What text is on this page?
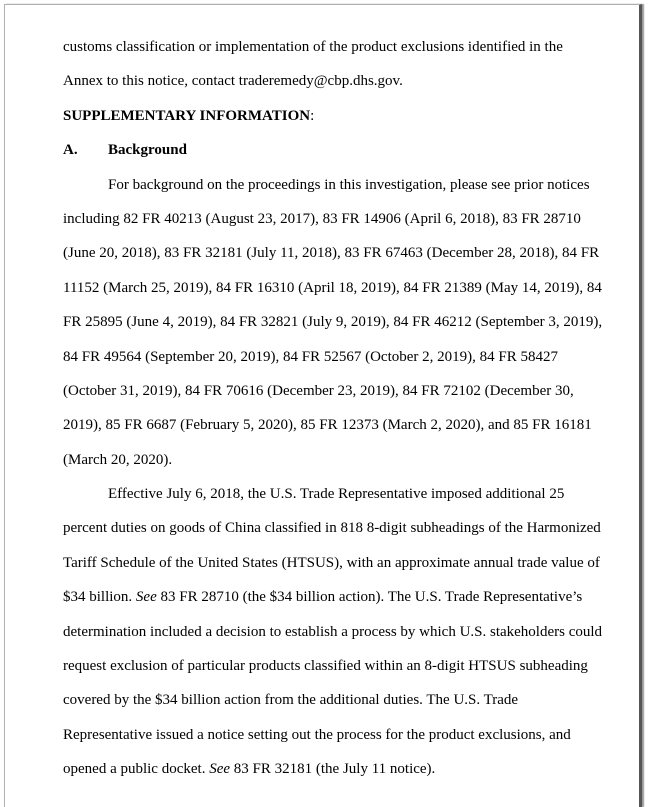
customs classification or implementation of the product exclusions identified in the
Annex to this notice, contact traderemedy@cbp.dhs.gov.
SUPPLEMENTARY INFORMATION:
A. Background
For background on the proceedings in this investigation, please see prior notices
including 82 FR 40213 (August 23, 2017), 83 FR 14906 (April 6, 2018), 83 FR 28710
(June 20, 2018), 83 FR 32181 (July 11, 2018), 83 FR 67463 (December 28, 2018), 84 FR
11152 (March 25, 2019), 84 FR 16310 (April 18, 2019), 84 FR 21389 (May 14, 2019), 84
FR 25895 (June 4, 2019), 84 FR 32821 (July 9, 2019), 84 FR 46212 (September 3, 2019),
84 FR 49564 (September 20, 2019), 84 FR 52567 (October 2, 2019), 84 FR 58427
(October 31, 2019), 84 FR 70616 (December 23, 2019), 84 FR 72102 (December 30,
2019), 85 FR 6687 (February 5, 2020), 85 FR 12373 (March 2, 2020), and 85 FR 16181
(March 20, 2020).
Effective July 6, 2018, the U.S. Trade Representative imposed additional 25
percent duties on goods of China classified in 818 8-digit subheadings of the Harmonized
Tariff Schedule of the United States (HTSUS), with an approximate annual trade value of
$34 billion. See 83 FR 28710 (the $34 billion action). The U.S. Trade Representative’s
determination included a decision to establish a process by which U.S. stakeholders could
request exclusion of particular products classified within an 8-digit HTSUS subheading
covered by the $34 billion action from the additional duties. The U.S. Trade
Representative issued a notice setting out the process for the product exclusions, and
opened a public docket. See 83 FR 32181 (the July 11 notice).
